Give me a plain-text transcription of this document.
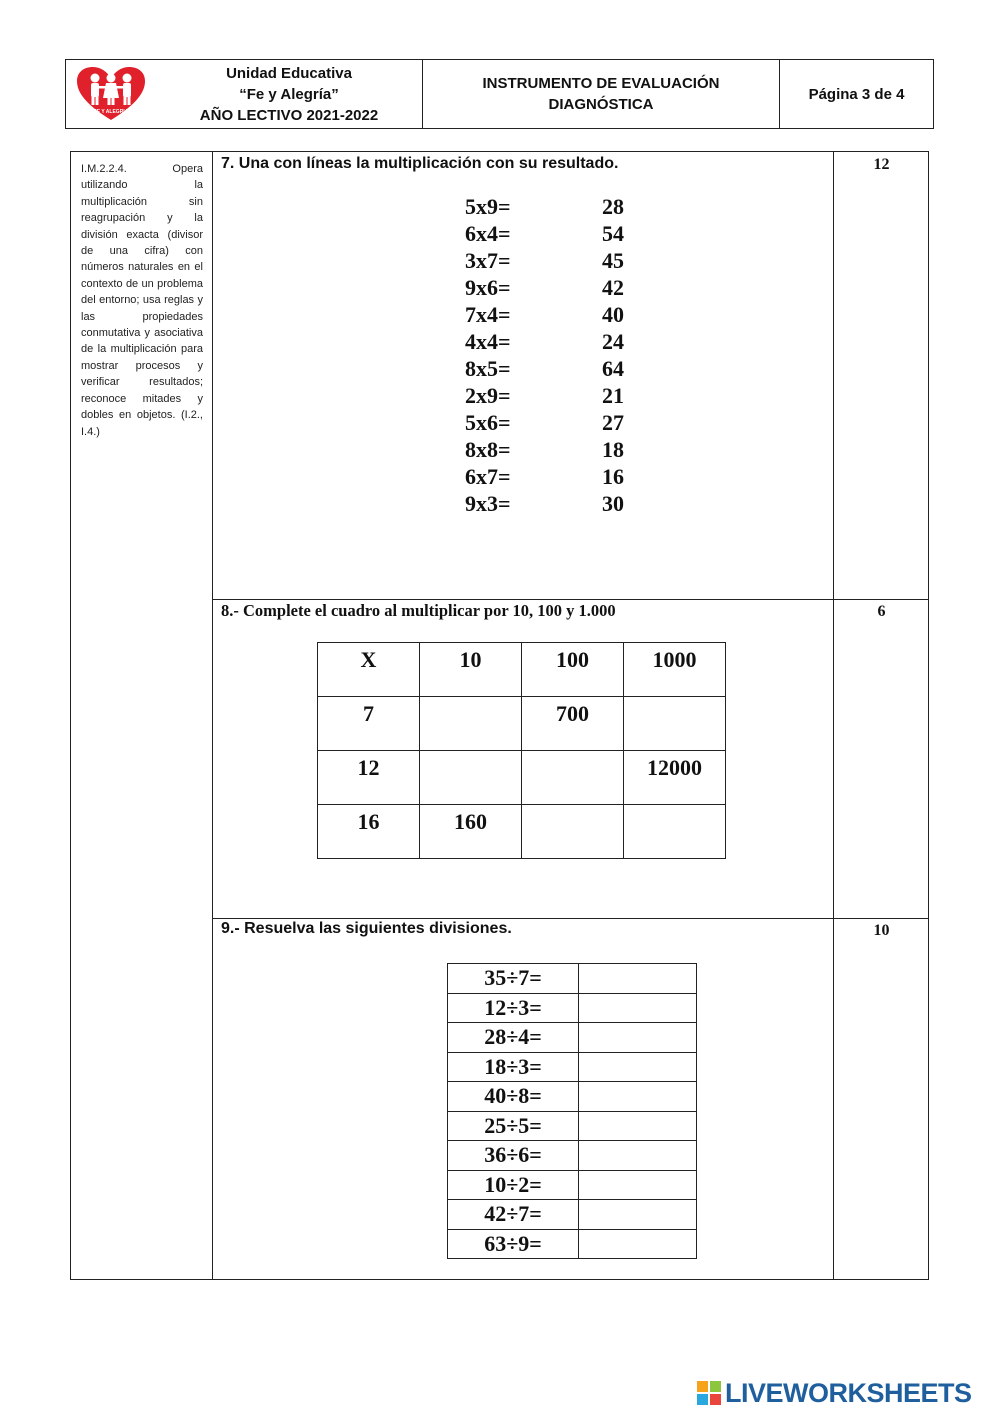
FE Y ALEGRIA
Unidad Educativa
“Fe y Alegría”
AÑO LECTIVO 2021-2022
INSTRUMENTO DE EVALUACIÓN
DIAGNÓSTICA
Página 3 de 4
I.M.2.2.4. Opera utilizando la multiplicación sin reagrupación y la división exacta (divisor de una cifra) con números naturales en el contexto de un problema del entorno; usa reglas y las propiedades conmutativa y asociativa de la multiplicación para mostrar procesos y verificar resultados; reconoce mitades y dobles en objetos. (I.2., I.4.)
7. Una con líneas la multiplicación con su resultado.	12
5x9=	28
6x4=	54
3x7=	45
9x6=	42
7x4=	40
4x4=	24
8x5=	64
2x9=	21
5x6=	27
8x8=	18
6x7=	16
9x3=	30
8.- Complete el cuadro al multiplicar por 10, 100 y 1.000	6
X	10	100	1000
7		700	
12			12000
16	160		
9.- Resuelva las siguientes divisiones.	10
35÷7=	
12÷3=	
28÷4=	
18÷3=	
40÷8=	
25÷5=	
36÷6=	
10÷2=	
42÷7=	
63÷9=	
LIVEWORKSHEETS
